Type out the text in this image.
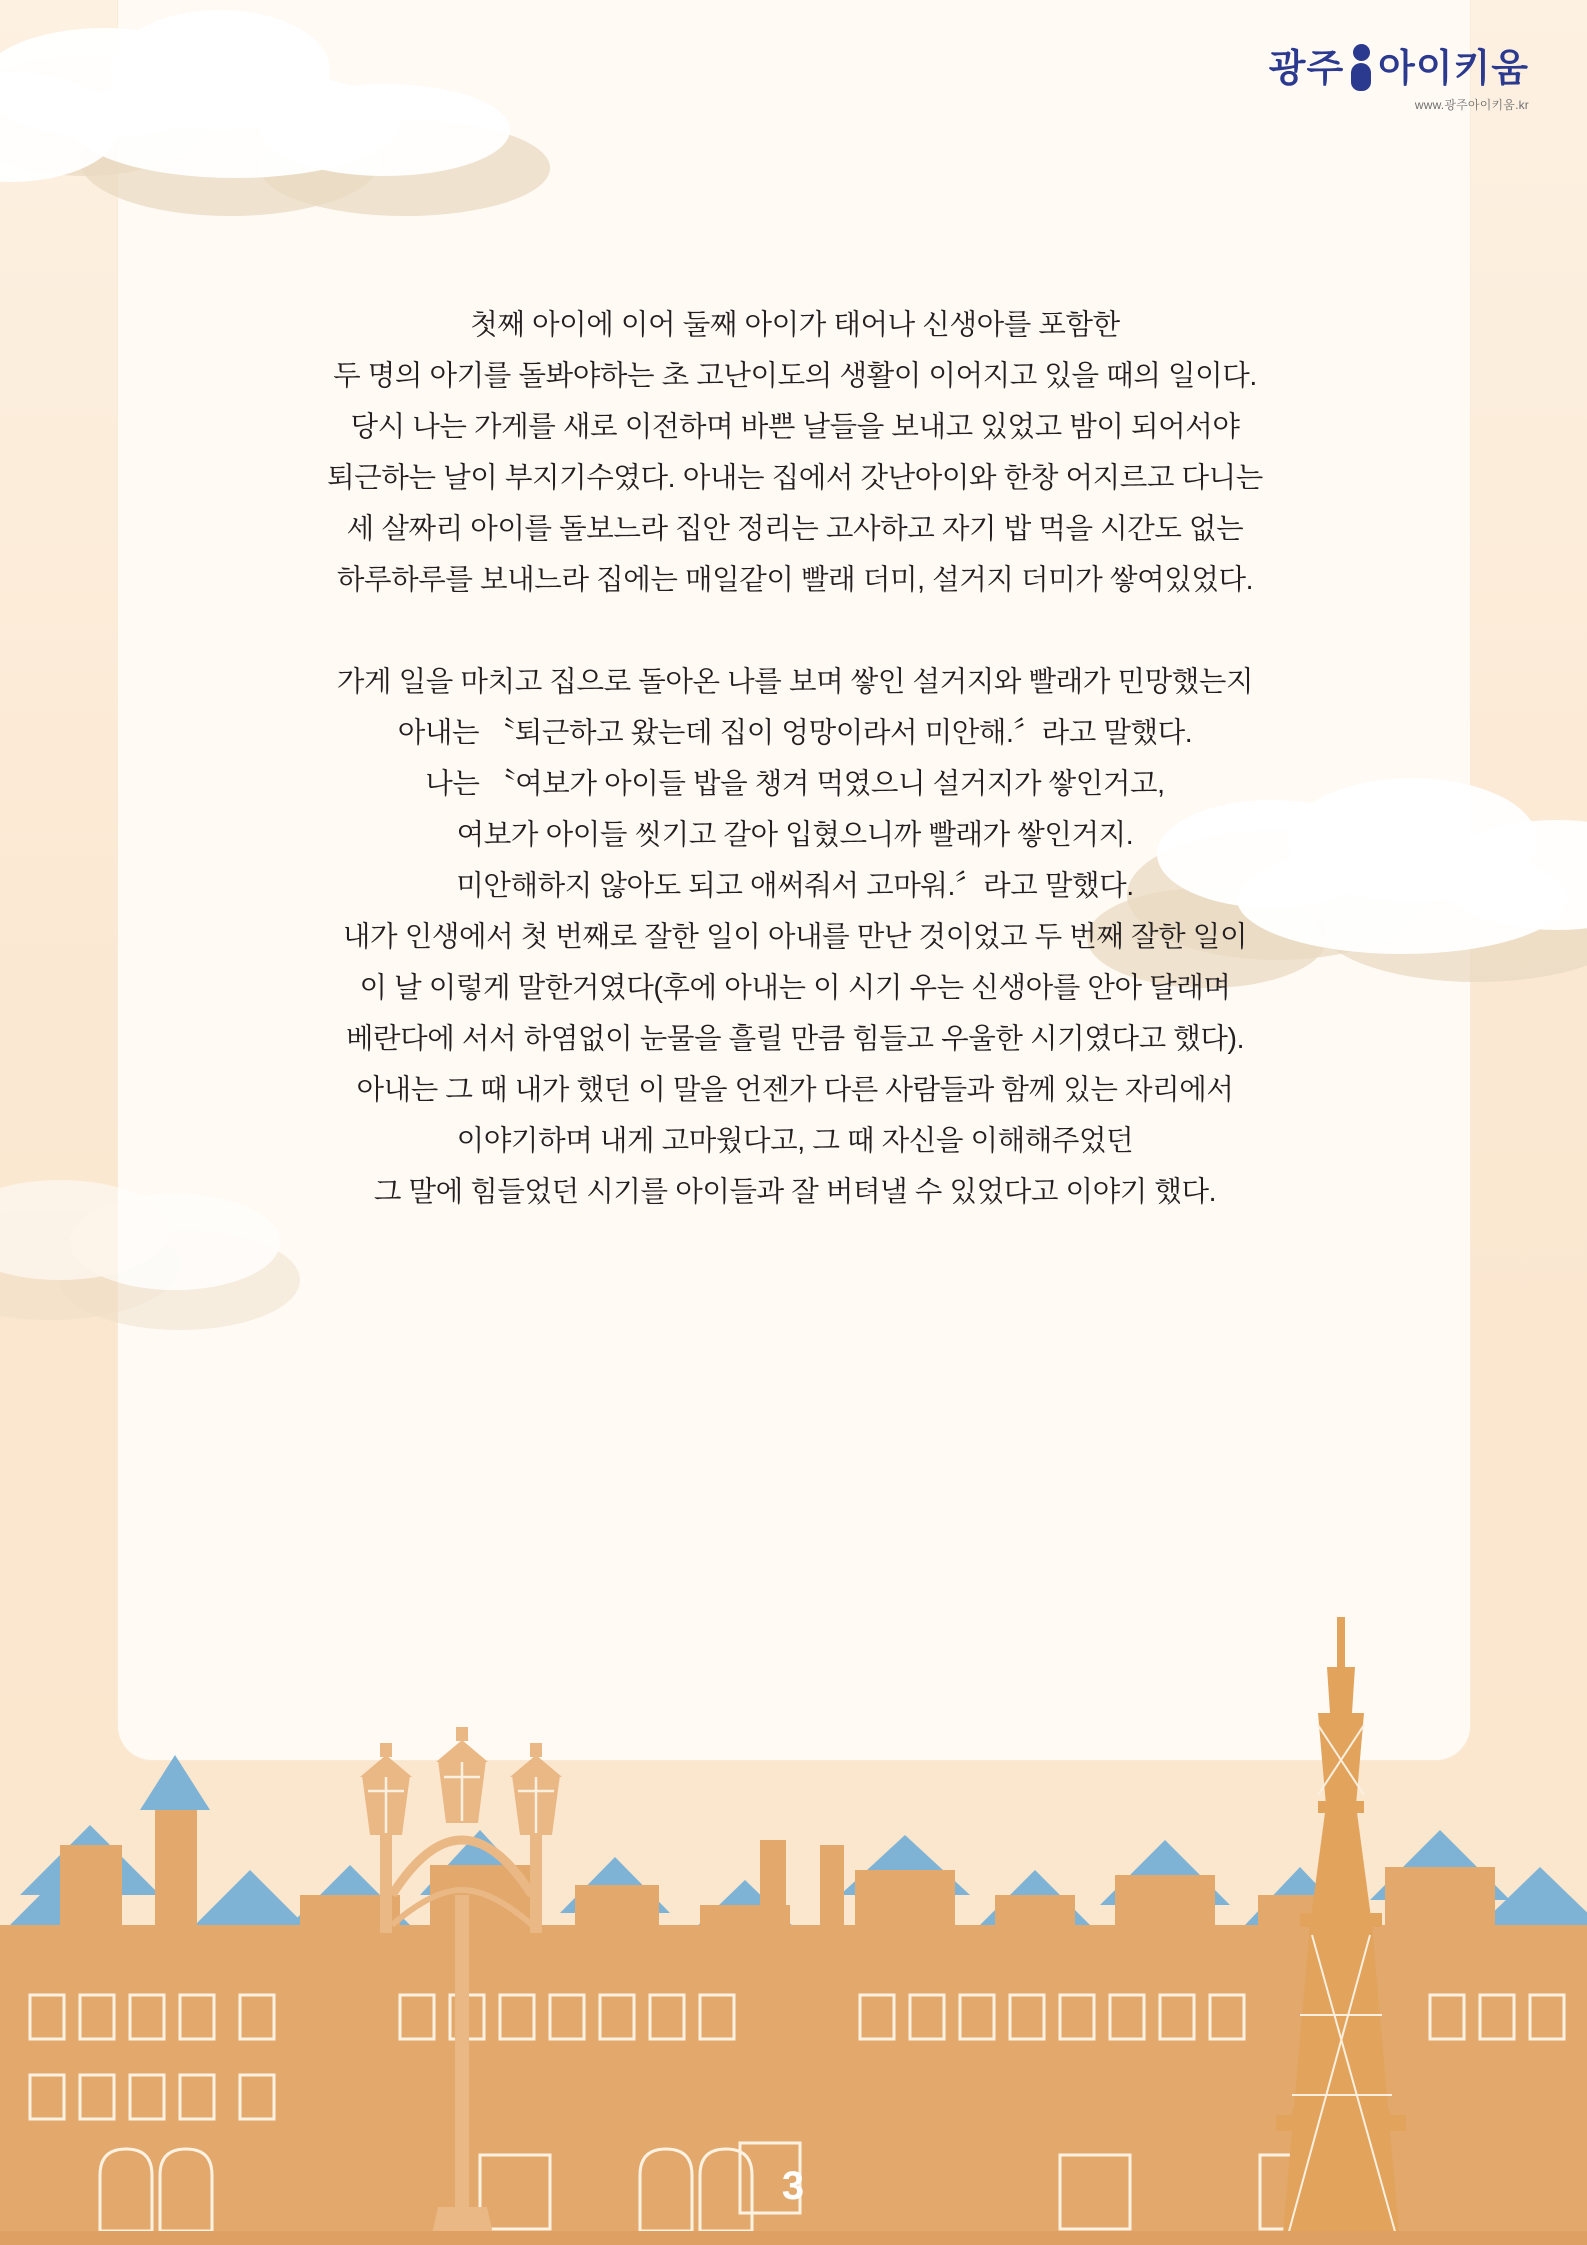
광주 아이키움
www.광주아이키움.kr
첫째 아이에 이어 둘째 아이가 태어나 신생아를 포함한
두 명의 아기를 돌봐야하는 초 고난이도의 생활이 이어지고 있을 때의 일이다.
당시 나는 가게를 새로 이전하며 바쁜 날들을 보내고 있었고 밤이 되어서야
퇴근하는 날이 부지기수였다. 아내는 집에서 갓난아이와 한창 어지르고 다니는
세 살짜리 아이를 돌보느라 집안 정리는 고사하고 자기 밥 먹을 시간도 없는
하루하루를 보내느라 집에는 매일같이 빨래 더미, 설거지 더미가 쌓여있었다.
가게 일을 마치고 집으로 돌아온 나를 보며 쌓인 설거지와 빨래가 민망했는지
아내는 〝퇴근하고 왔는데 집이 엉망이라서 미안해.〞라고 말했다.
나는 〝여보가 아이들 밥을 챙겨 먹였으니 설거지가 쌓인거고,
여보가 아이들 씻기고 갈아 입혔으니까 빨래가 쌓인거지.
미안해하지 않아도 되고 애써줘서 고마워.〞라고 말했다.
내가 인생에서 첫 번째로 잘한 일이 아내를 만난 것이었고 두 번째 잘한 일이
이 날 이렇게 말한거였다(후에 아내는 이 시기 우는 신생아를 안아 달래며
베란다에 서서 하염없이 눈물을 흘릴 만큼 힘들고 우울한 시기였다고 했다).
아내는 그 때 내가 했던 이 말을 언젠가 다른 사람들과 함께 있는 자리에서
이야기하며 내게 고마웠다고, 그 때 자신을 이해해주었던
그 말에 힘들었던 시기를 아이들과 잘 버텨낼 수 있었다고 이야기 했다.
3
